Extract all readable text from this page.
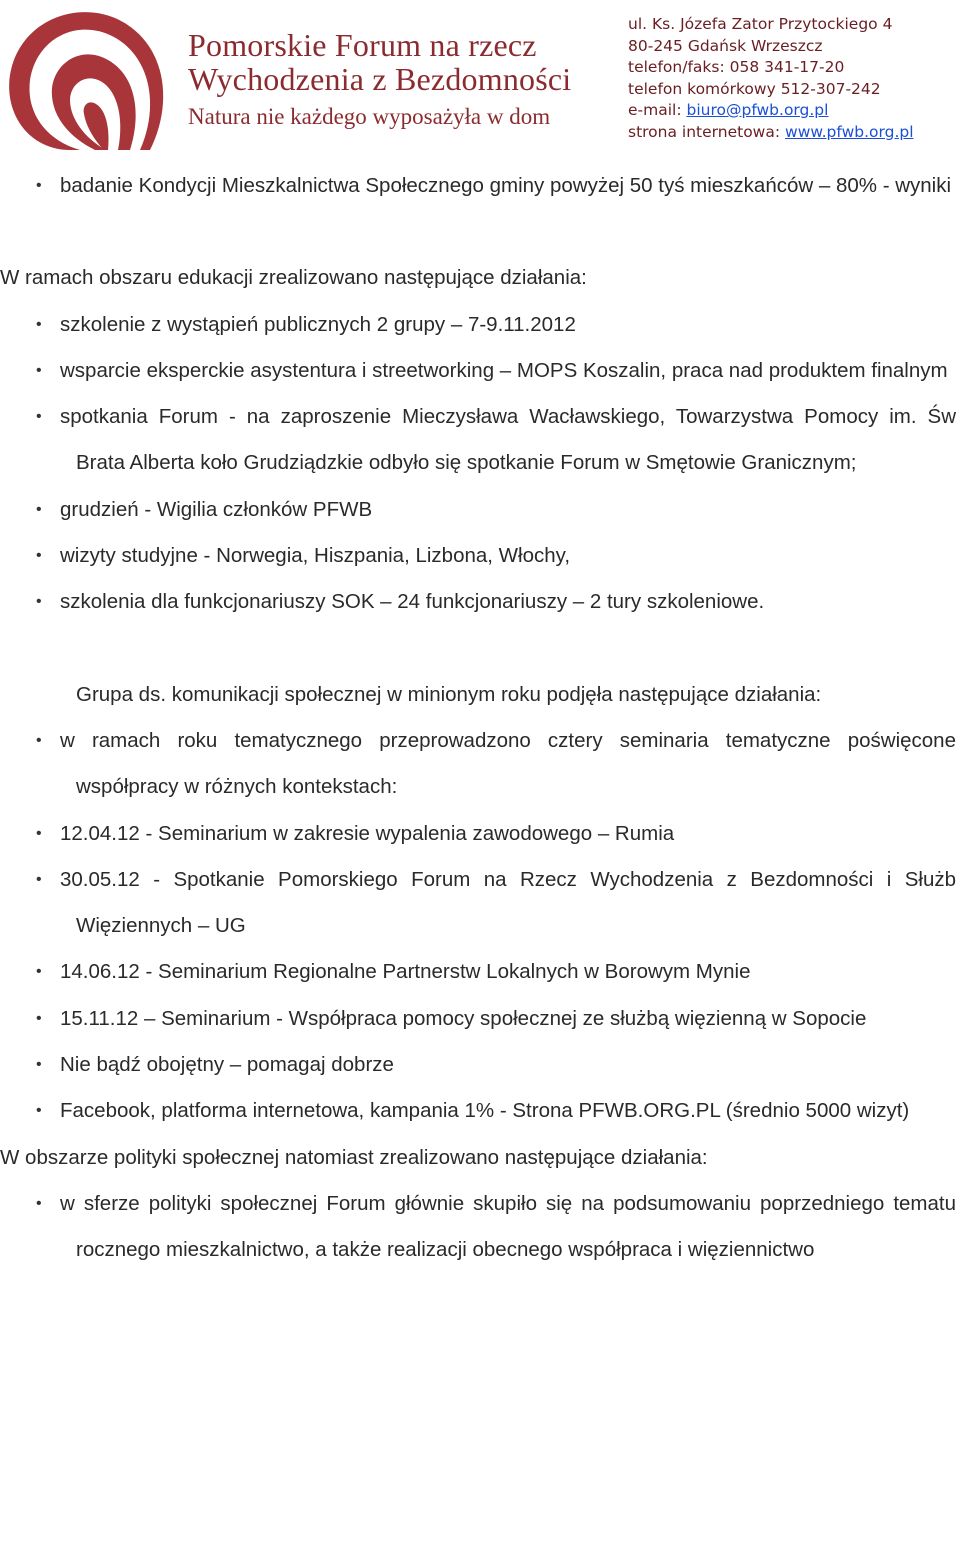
Pomorskie Forum na rzecz
Wychodzenia z Bezdomności
Natura nie każdego wyposażyła w dom
ul. Ks. Józefa Zator Przytockiego 4
80-245 Gdańsk Wrzeszcz
telefon/faks: 058 341-17-20
telefon komórkowy 512-307-242
e-mail: biuro@pfwb.org.pl
strona internetowa: www.pfwb.org.pl
• badanie Kondycji Mieszkalnictwa Społecznego gminy powyżej 50 tyś mieszkańców – 80% - wyniki

W ramach obszaru edukacji zrealizowano następujące działania:

• szkolenie z wystąpień publicznych 2 grupy – 7-9.11.2012
• wsparcie eksperckie asystentura i streetworking – MOPS Koszalin, praca nad produktem finalnym
• spotkania Forum - na zaproszenie Mieczysława Wacławskiego, Towarzystwa Pomocy im. Św Brata Alberta koło Grudziądzkie odbyło się spotkanie Forum w Smętowie Granicznym;
• grudzień - Wigilia członków PFWB
• wizyty studyjne - Norwegia, Hiszpania, Lizbona, Włochy,
• szkolenia dla funkcjonariuszy SOK – 24 funkcjonariuszy – 2 tury szkoleniowe.

Grupa ds. komunikacji społecznej w minionym roku podjęła następujące działania:

• w ramach roku tematycznego przeprowadzono cztery seminaria tematyczne poświęcone współpracy w różnych kontekstach:
• 12.04.12 - Seminarium w zakresie wypalenia zawodowego – Rumia
• 30.05.12 - Spotkanie Pomorskiego Forum na Rzecz Wychodzenia z Bezdomności i Służb Więziennych – UG
• 14.06.12 - Seminarium Regionalne Partnerstw Lokalnych w Borowym Mynie
• 15.11.12 – Seminarium - Współpraca pomocy społecznej ze służbą więzienną w Sopocie
• Nie bądź obojętny – pomagaj dobrze
• Facebook, platforma internetowa, kampania 1% - Strona PFWB.ORG.PL (średnio 5000 wizyt)

W obszarze polityki społecznej natomiast zrealizowano następujące działania:

• w sferze polityki społecznej Forum głównie skupiło się na podsumowaniu poprzedniego tematu rocznego mieszkalnictwo, a także realizacji obecnego współpraca i więziennictwo
